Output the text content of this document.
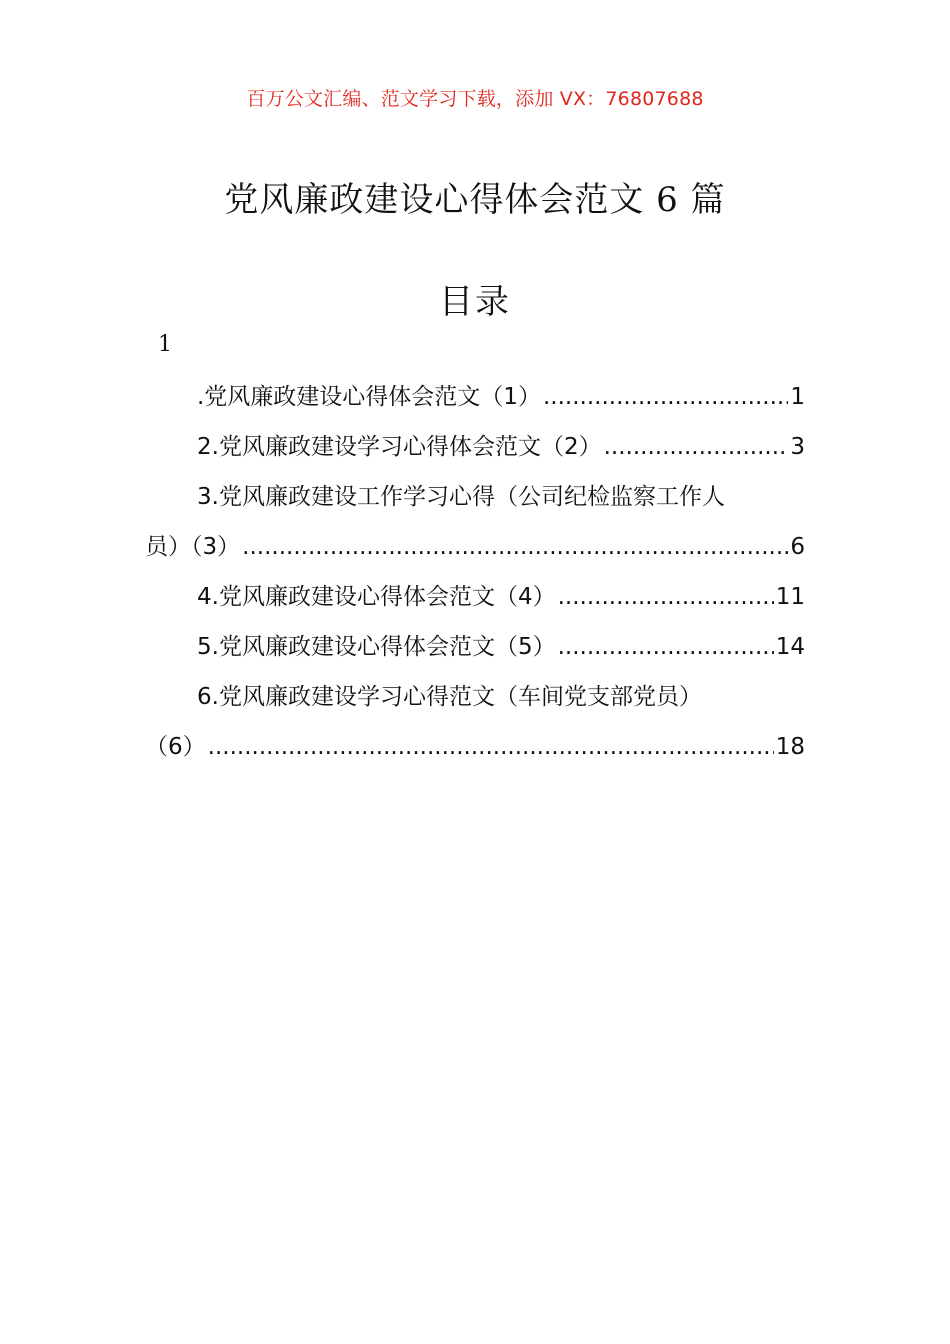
百万公文汇编、范文学习下载，添加 VX：76807688
党风廉政建设心得体会范文 6 篇
目录
1
.党风廉政建设心得体会范文（1） .....	1
2.党风廉政建设学习心得体会范文（2） .....	3
3.党风廉政建设工作学习心得（公司纪检监察工作人
员）（3） .....	6
4.党风廉政建设心得体会范文（4） .....	11
5.党风廉政建设心得体会范文（5） .....	14
6.党风廉政建设学习心得范文（车间党支部党员）
（6） .....	18
